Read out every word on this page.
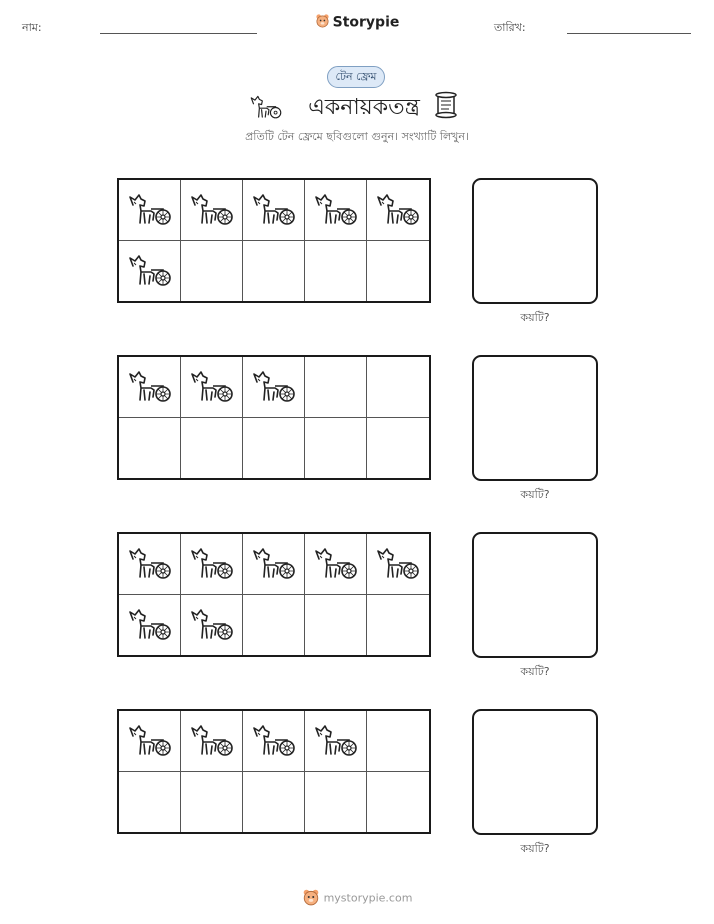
নাম:	Storypie	তারিখ:
টেন ফ্রেম
একনায়কতন্ত্র
প্রতিটি টেন ফ্রেমে ছবিগুলো গুনুন। সংখ্যাটি লিখুন।
কয়টি?
কয়টি?
কয়টি?
কয়টি?
mystorypie.com
